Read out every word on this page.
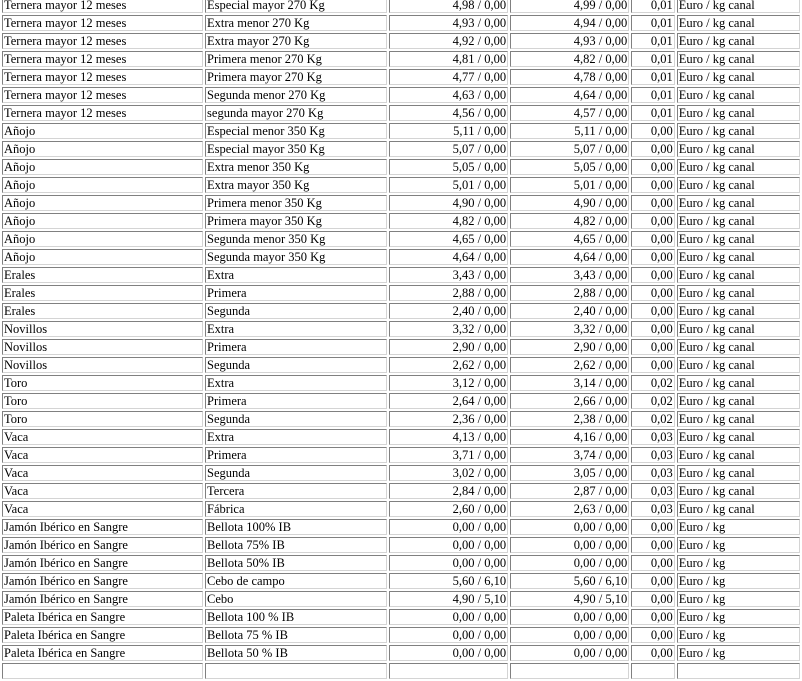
Ternera mayor 12 meses	Especial mayor 270 Kg	4,98 / 0,00	4,99 / 0,00	0,01	Euro / kg canal
Ternera mayor 12 meses	Extra menor 270 Kg	4,93 / 0,00	4,94 / 0,00	0,01	Euro / kg canal
Ternera mayor 12 meses	Extra mayor 270 Kg	4,92 / 0,00	4,93 / 0,00	0,01	Euro / kg canal
Ternera mayor 12 meses	Primera menor 270 Kg	4,81 / 0,00	4,82 / 0,00	0,01	Euro / kg canal
Ternera mayor 12 meses	Primera mayor 270 Kg	4,77 / 0,00	4,78 / 0,00	0,01	Euro / kg canal
Ternera mayor 12 meses	Segunda menor 270 Kg	4,63 / 0,00	4,64 / 0,00	0,01	Euro / kg canal
Ternera mayor 12 meses	segunda mayor 270 Kg	4,56 / 0,00	4,57 / 0,00	0,01	Euro / kg canal
Añojo	Especial menor 350 Kg	5,11 / 0,00	5,11 / 0,00	0,00	Euro / kg canal
Añojo	Especial mayor 350 Kg	5,07 / 0,00	5,07 / 0,00	0,00	Euro / kg canal
Añojo	Extra menor 350 Kg	5,05 / 0,00	5,05 / 0,00	0,00	Euro / kg canal
Añojo	Extra mayor 350 Kg	5,01 / 0,00	5,01 / 0,00	0,00	Euro / kg canal
Añojo	Primera menor 350 Kg	4,90 / 0,00	4,90 / 0,00	0,00	Euro / kg canal
Añojo	Primera mayor 350 Kg	4,82 / 0,00	4,82 / 0,00	0,00	Euro / kg canal
Añojo	Segunda menor 350 Kg	4,65 / 0,00	4,65 / 0,00	0,00	Euro / kg canal
Añojo	Segunda mayor 350 Kg	4,64 / 0,00	4,64 / 0,00	0,00	Euro / kg canal
Erales	Extra	3,43 / 0,00	3,43 / 0,00	0,00	Euro / kg canal
Erales	Primera	2,88 / 0,00	2,88 / 0,00	0,00	Euro / kg canal
Erales	Segunda	2,40 / 0,00	2,40 / 0,00	0,00	Euro / kg canal
Novillos	Extra	3,32 / 0,00	3,32 / 0,00	0,00	Euro / kg canal
Novillos	Primera	2,90 / 0,00	2,90 / 0,00	0,00	Euro / kg canal
Novillos	Segunda	2,62 / 0,00	2,62 / 0,00	0,00	Euro / kg canal
Toro	Extra	3,12 / 0,00	3,14 / 0,00	0,02	Euro / kg canal
Toro	Primera	2,64 / 0,00	2,66 / 0,00	0,02	Euro / kg canal
Toro	Segunda	2,36 / 0,00	2,38 / 0,00	0,02	Euro / kg canal
Vaca	Extra	4,13 / 0,00	4,16 / 0,00	0,03	Euro / kg canal
Vaca	Primera	3,71 / 0,00	3,74 / 0,00	0,03	Euro / kg canal
Vaca	Segunda	3,02 / 0,00	3,05 / 0,00	0,03	Euro / kg canal
Vaca	Tercera	2,84 / 0,00	2,87 / 0,00	0,03	Euro / kg canal
Vaca	Fábrica	2,60 / 0,00	2,63 / 0,00	0,03	Euro / kg canal
Jamón Ibérico en Sangre	Bellota 100% IB	0,00 / 0,00	0,00 / 0,00	0,00	Euro / kg
Jamón Ibérico en Sangre	Bellota 75% IB	0,00 / 0,00	0,00 / 0,00	0,00	Euro / kg
Jamón Ibérico en Sangre	Bellota 50% IB	0,00 / 0,00	0,00 / 0,00	0,00	Euro / kg
Jamón Ibérico en Sangre	Cebo de campo	5,60 / 6,10	5,60 / 6,10	0,00	Euro / kg
Jamón Ibérico en Sangre	Cebo	4,90 / 5,10	4,90 / 5,10	0,00	Euro / kg
Paleta Ibérica en Sangre	Bellota 100 % IB	0,00 / 0,00	0,00 / 0,00	0,00	Euro / kg
Paleta Ibérica en Sangre	Bellota 75 % IB	0,00 / 0,00	0,00 / 0,00	0,00	Euro / kg
Paleta Ibérica en Sangre	Bellota 50 % IB	0,00 / 0,00	0,00 / 0,00	0,00	Euro / kg
